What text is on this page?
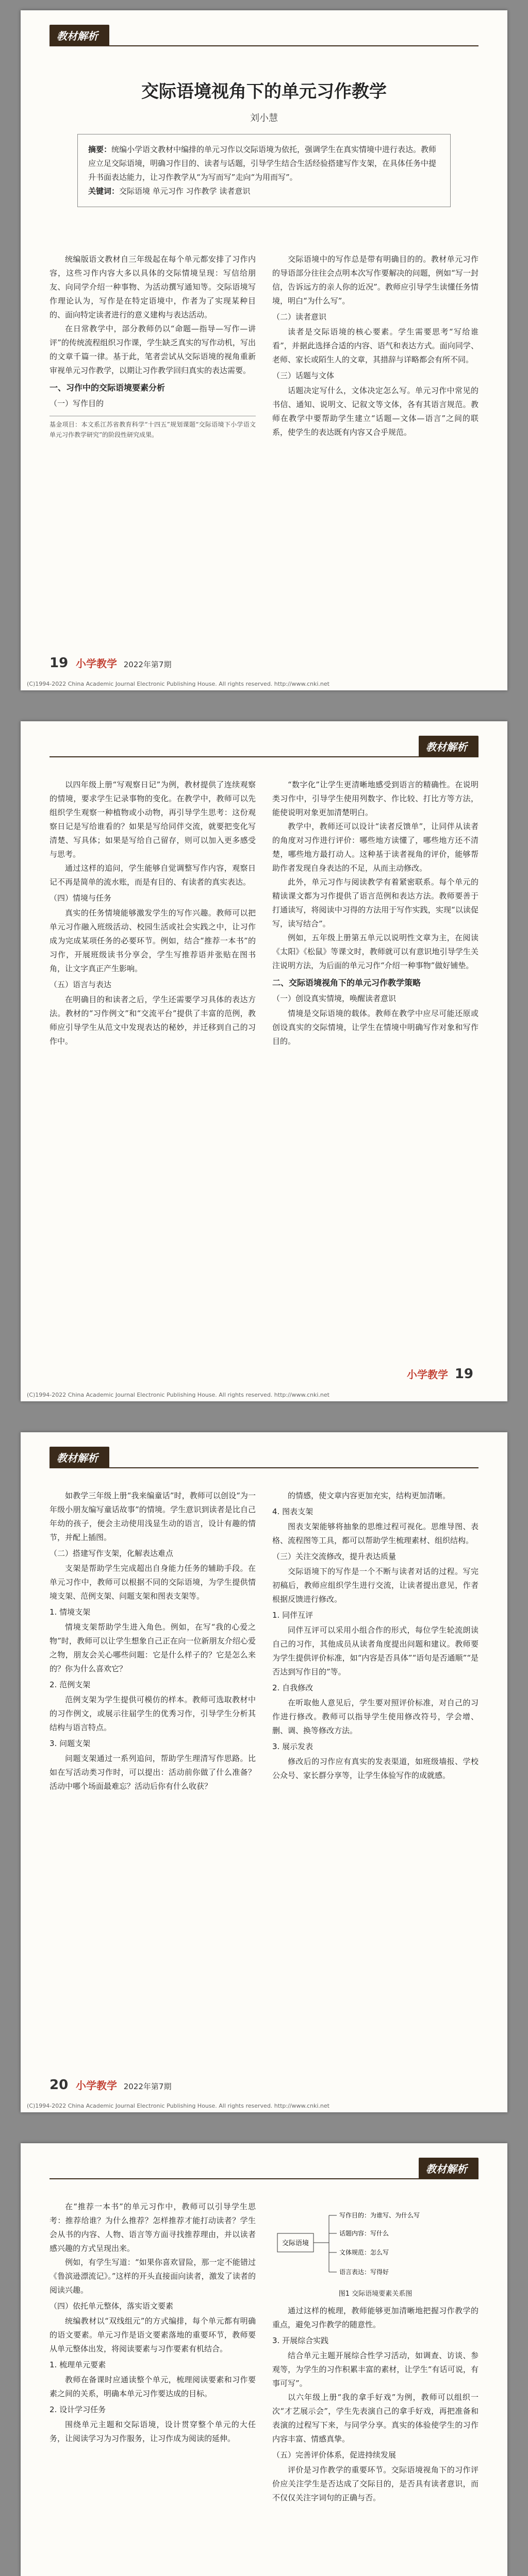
教材解析
交际语境视角下的单元习作教学
刘小慧
摘要：统编小学语文教材中编排的单元习作以交际语境为依托，强调学生在真实情境中进行表达。教师应立足交际语境，明确习作目的、读者与话题，引导学生结合生活经验搭建写作支架，在具体任务中提升书面表达能力，让习作教学从“为写而写”走向“为用而写”。
关键词：交际语境 单元习作 习作教学 读者意识

统编版语文教材自三年级起在每个单元都安排了习作内容，这些习作内容大多以具体的交际情境呈现：写信给朋友、向同学介绍一种事物、为活动撰写通知等。交际语境写作理论认为，写作是在特定语境中，作者为了实现某种目的、面向特定读者进行的意义建构与表达活动。

在日常教学中，部分教师仍以“命题—指导—写作—讲评”的传统流程组织习作课，学生缺乏真实的写作动机，写出的文章千篇一律。基于此，笔者尝试从交际语境的视角重新审视单元习作教学，以期让习作教学回归真实的表达需要。

一、习作中的交际语境要素分析
（一）写作目的
基金项目：本文系江苏省教育科学“十四五”规划课题“交际语境下小学语文单元习作教学研究”的阶段性研究成果。

交际语境中的写作总是带有明确目的的。教材单元习作的导语部分往往会点明本次写作要解决的问题，例如“写一封信，告诉远方的亲人你的近况”。教师应引导学生读懂任务情境，明白“为什么写”。

（二）读者意识

读者是交际语境的核心要素。学生需要思考“写给谁看”，并据此选择合适的内容、语气和表达方式。面向同学、老师、家长或陌生人的文章，其措辞与详略都会有所不同。

（三）话题与文体

话题决定写什么，文体决定怎么写。单元习作中常见的书信、通知、说明文、记叙文等文体，各有其语言规范。教师在教学中要帮助学生建立“话题—文体—语言”之间的联系，使学生的表达既有内容又合乎规范。

19 小学教学 2022年第7期
(C)1994-2022 China Academic Journal Electronic Publishing House. All rights reserved. http://www.cnki.net
教材解析

以四年级上册“写观察日记”为例，教材提供了连续观察的情境，要求学生记录事物的变化。在教学中，教师可以先组织学生观察一种植物或小动物，再引导学生思考：这份观察日记是写给谁看的？如果是写给同伴交流，就要把变化写清楚、写具体；如果是写给自己留存，则可以加入更多感受与思考。

通过这样的追问，学生能够自觉调整写作内容，观察日记不再是简单的流水账，而是有目的、有读者的真实表达。

（四）情境与任务

真实的任务情境能够激发学生的写作兴趣。教师可以把单元习作融入班级活动、校园生活或社会实践之中，让习作成为完成某项任务的必要环节。例如，结合“推荐一本书”的习作，开展班级读书分享会，学生写推荐语并张贴在图书角，让文字真正产生影响。

（五）语言与表达

在明确目的和读者之后，学生还需要学习具体的表达方法。教材的“习作例文”和“交流平台”提供了丰富的范例，教师应引导学生从范文中发现表达的秘妙，并迁移到自己的习作中。

“数字化”让学生更清晰地感受到语言的精确性。在说明类习作中，引导学生使用列数字、作比较、打比方等方法，能使说明对象更加清楚明白。

教学中，教师还可以设计“读者反馈单”，让同伴从读者的角度对习作进行评价：哪些地方读懂了，哪些地方还不清楚，哪些地方最打动人。这种基于读者视角的评价，能够帮助作者发现自身表达的不足，从而主动修改。

此外，单元习作与阅读教学有着紧密联系。每个单元的精读课文都为习作提供了语言范例和表达方法。教师要善于打通读写，将阅读中习得的方法用于写作实践，实现“以读促写，读写结合”。

例如，五年级上册第五单元以说明性文章为主，在阅读《太阳》《松鼠》等课文时，教师就可以有意识地引导学生关注说明方法，为后面的单元习作“介绍一种事物”做好铺垫。

二、交际语境视角下的单元习作教学策略
（一）创设真实情境，唤醒读者意识

情境是交际语境的载体。教师在教学中应尽可能还原或创设真实的交际情境，让学生在情境中明确写作对象和写作目的。

小学教学 19
(C)1994-2022 China Academic Journal Electronic Publishing House. All rights reserved. http://www.cnki.net
教材解析

如教学三年级上册“我来编童话”时，教师可以创设“为一年级小朋友编写童话故事”的情境。学生意识到读者是比自己年幼的孩子，便会主动使用浅显生动的语言，设计有趣的情节，并配上插图。

（二）搭建写作支架，化解表达难点

支架是帮助学生完成超出自身能力任务的辅助手段。在单元习作中，教师可以根据不同的交际语境，为学生提供情境支架、范例支架、问题支架和图表支架等。

1. 情境支架

情境支架帮助学生进入角色。例如，在写“我的心爱之物”时，教师可以让学生想象自己正在向一位新朋友介绍心爱之物，朋友会关心哪些问题：它是什么样子的？它是怎么来的？你为什么喜欢它？

2. 范例支架

范例支架为学生提供可模仿的样本。教师可选取教材中的习作例文，或展示往届学生的优秀习作，引导学生分析其结构与语言特点。

3. 问题支架

问题支架通过一系列追问，帮助学生理清写作思路。比如在写活动类习作时，可以提出：活动前你做了什么准备？活动中哪个场面最难忘？活动后你有什么收获？

的情感，使文章内容更加充实，结构更加清晰。

4. 图表支架

图表支架能够将抽象的思维过程可视化。思维导图、表格、流程图等工具，都可以帮助学生梳理素材、组织结构。

（三）关注交流修改，提升表达质量

交际语境下的写作是一个不断与读者对话的过程。写完初稿后，教师应组织学生进行交流，让读者提出意见，作者根据反馈进行修改。

1. 同伴互评

同伴互评可以采用小组合作的形式，每位学生轮流朗读自己的习作，其他成员从读者角度提出问题和建议。教师要为学生提供评价标准，如“内容是否具体”“语句是否通顺”“是否达到写作目的”等。

2. 自我修改

在听取他人意见后，学生要对照评价标准，对自己的习作进行修改。教师可以指导学生使用修改符号，学会增、删、调、换等修改方法。

3. 展示发表

修改后的习作应有真实的发表渠道，如班级墙报、学校公众号、家长群分享等，让学生体验写作的成就感。

20 小学教学 2022年第7期
(C)1994-2022 China Academic Journal Electronic Publishing House. All rights reserved. http://www.cnki.net
教材解析

在“推荐一本书”的单元习作中，教师可以引导学生思考：推荐给谁？为什么推荐？怎样推荐才能打动读者？学生会从书的内容、人物、语言等方面寻找推荐理由，并以读者感兴趣的方式呈现出来。

例如，有学生写道：“如果你喜欢冒险，那一定不能错过《鲁滨逊漂流记》。”这样的开头直接面向读者，激发了读者的阅读兴趣。

（四）依托单元整体，落实语文要素

统编教材以“双线组元”的方式编排，每个单元都有明确的语文要素。单元习作是语文要素落地的重要环节，教师要从单元整体出发，将阅读要素与习作要素有机结合。

1. 梳理单元要素

教师在备课时应通读整个单元，梳理阅读要素和习作要素之间的关系，明确本单元习作要达成的目标。

2. 设计学习任务

围绕单元主题和交际语境，设计贯穿整个单元的大任务，让阅读学习为习作服务，让习作成为阅读的延伸。

交际语境
写作目的：为谁写、为什么写
话题内容：写什么
文体规范：怎么写
语言表达：写得好
图1 交际语境要素关系图

通过这样的梳理，教师能够更加清晰地把握习作教学的重点，避免习作教学的随意性。

3. 开展综合实践

结合单元主题开展综合性学习活动，如调查、访谈、参观等，为学生的习作积累丰富的素材，让学生“有话可说，有事可写”。

以六年级上册“我的拿手好戏”为例，教师可以组织一次“才艺展示会”，学生先表演自己的拿手好戏，再把准备和表演的过程写下来，与同学分享。真实的体验使学生的习作内容丰富、情感真挚。

（五）完善评价体系，促进持续发展

评价是习作教学的重要环节。交际语境视角下的习作评价应关注学生是否达成了交际目的，是否具有读者意识，而不仅仅关注字词句的正确与否。
